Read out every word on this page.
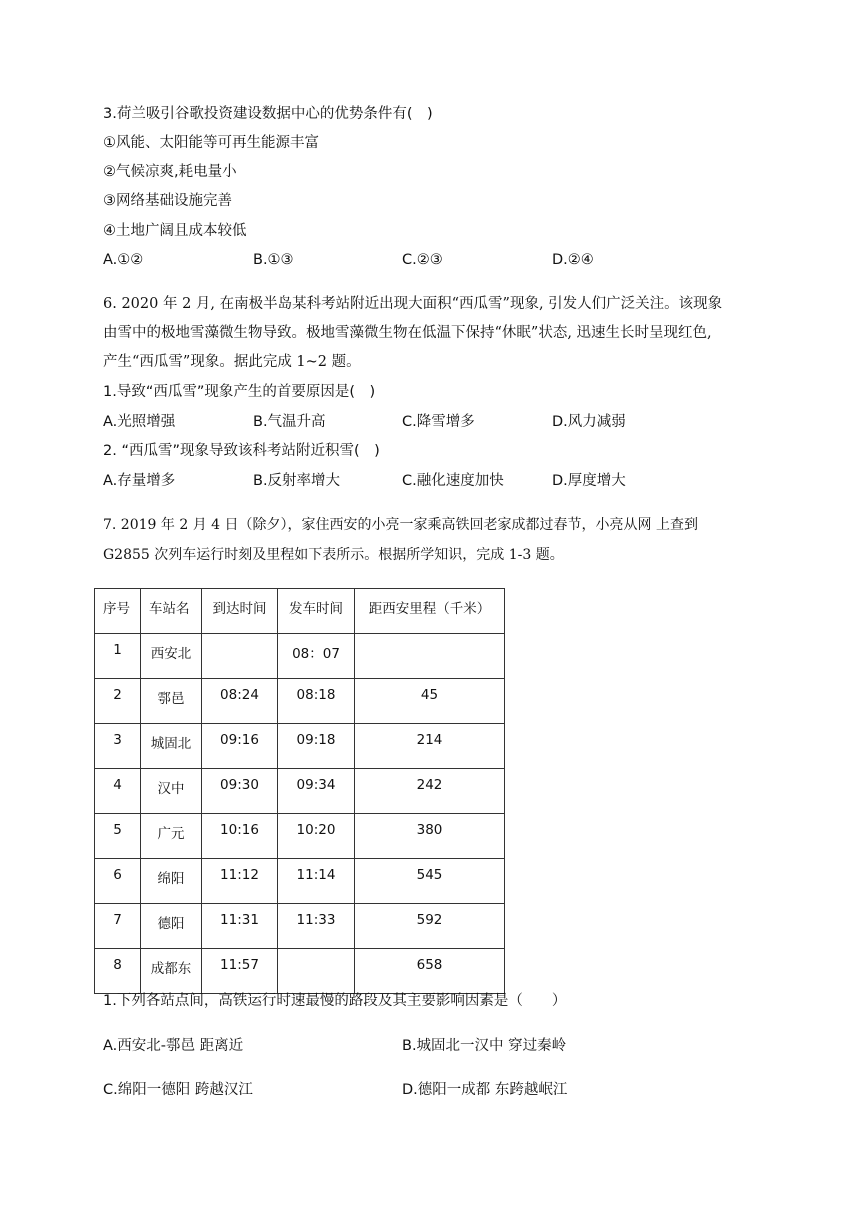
3.荷兰吸引谷歌投资建设数据中心的优势条件有(　)
①风能、太阳能等可再生能源丰富
②气候凉爽,耗电量小
③网络基础设施完善
④土地广阔且成本较低
A.①②	B.①③	C.②③	D.②④
6. 2020 年 2 月, 在南极半岛某科考站附近出现大面积“西瓜雪”现象, 引发人们广泛关注。该现象
由雪中的极地雪藻微生物导致。极地雪藻微生物在低温下保持“休眠”状态, 迅速生长时呈现红色,
产生“西瓜雪”现象。据此完成 1~2 题。
1.导致“西瓜雪”现象产生的首要原因是(　)
A.光照增强	B.气温升高	C.降雪增多	D.风力减弱
2. “西瓜雪”现象导致该科考站附近积雪(　)
A.存量增多	B.反射率增大	C.融化速度加快	D.厚度增大
7. 2019 年 2 月 4 日（除夕），家住西安的小亮一家乘高铁回老家成都过春节，小亮从网 上查到
G2855 次列车运行时刻及里程如下表所示。根据所学知识，完成 1-3 题。
序号	车站名	到达时间	发车时间	距西安里程（千米）

1	西安北		08：07	

2	鄠邑	08:24	08:18	45

3	城固北	09:16	09:18	214

4	汉中	09:30	09:34	242

5	广元	10:16	10:20	380

6	绵阳	11:12	11:14	545

7	德阳	11:31	11:33	592

8	成都东	11:57		658
1.下列各站点间，高铁运行时速最慢的路段及其主要影响因素是（　　）
A.西安北-鄠邑 距离近	B.城固北一汉中 穿过秦岭
C.绵阳一德阳 跨越汉江	D.德阳一成都 东跨越岷江
